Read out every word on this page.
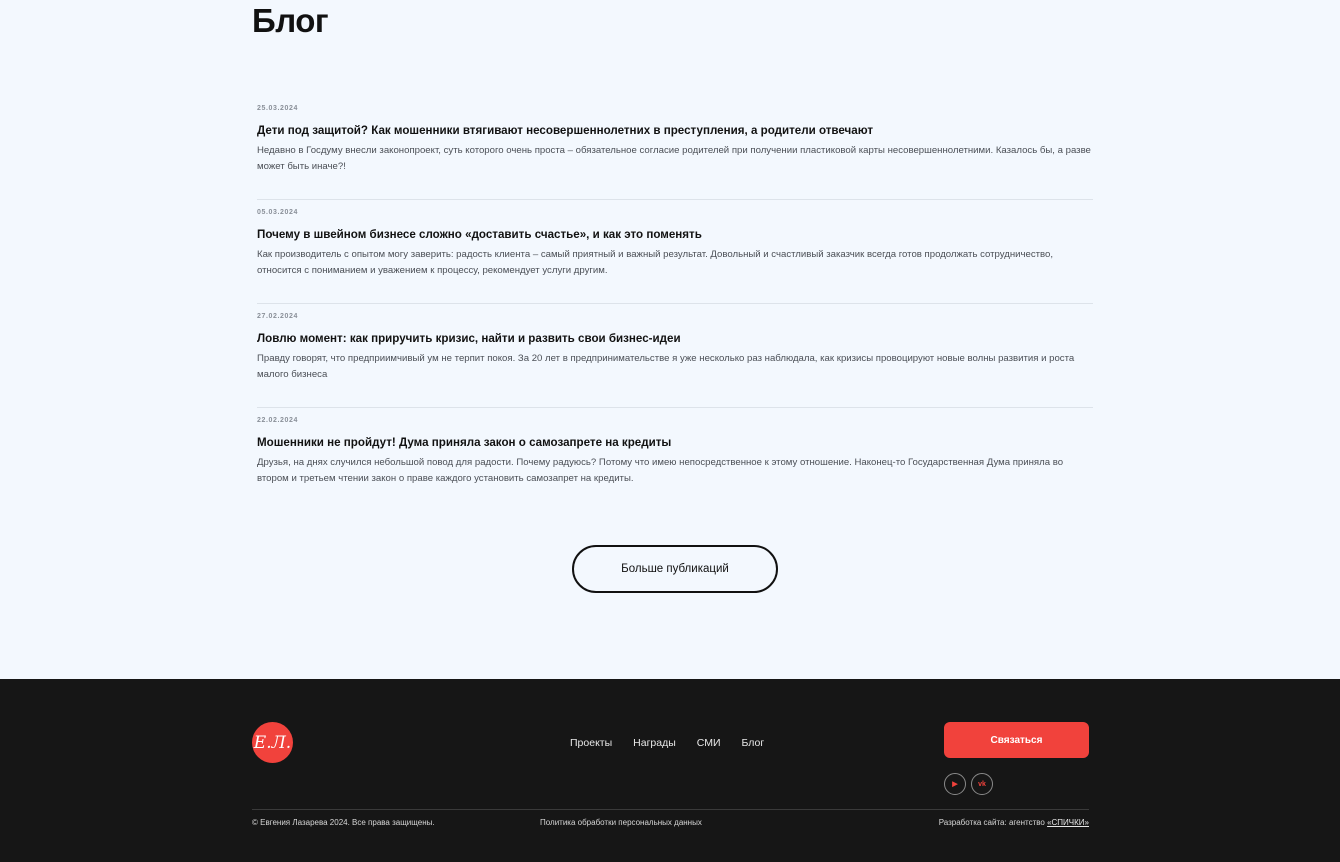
Блог
25.03.2024
Дети под защитой? Как мошенники втягивают несовершеннолетних в преступления, а родители отвечают

Недавно в Госдуму внесли законопроект, суть которого очень проста – обязательное согласие родителей при получении пластиковой карты несовершеннолетними. Казалось бы, а разве может быть иначе?!

05.03.2024
Почему в швейном бизнесе сложно «доставить счастье», и как это поменять

Как производитель с опытом могу заверить: радость клиента – самый приятный и важный результат. Довольный и счастливый заказчик всегда готов продолжать сотрудничество, относится с пониманием и уважением к процессу, рекомендует услуги другим.

27.02.2024
Ловлю момент: как приручить кризис, найти и развить свои бизнес-идеи

Правду говорят, что предприимчивый ум не терпит покоя. За 20 лет в предпринимательстве я уже несколько раз наблюдала, как кризисы провоцируют новые волны развития и роста малого бизнеса

22.02.2024
Мошенники не пройдут! Дума приняла закон о самозапрете на кредиты

Друзья, на днях случился небольшой повод для радости. Почему радуюсь? Потому что имею непосредственное к этому отношение. Наконец-то Государственная Дума приняла во втором и третьем чтении закон о праве каждого установить самозапрет на кредиты.

Больше публикаций
Е.Л.	Проекты Награды СМИ Блог	Связаться
▶	vk
© Евгения Лазарева 2024. Все права защищены.	Политика обработки персональных данных	Разработка сайта: агентство «СПИЧКИ»
